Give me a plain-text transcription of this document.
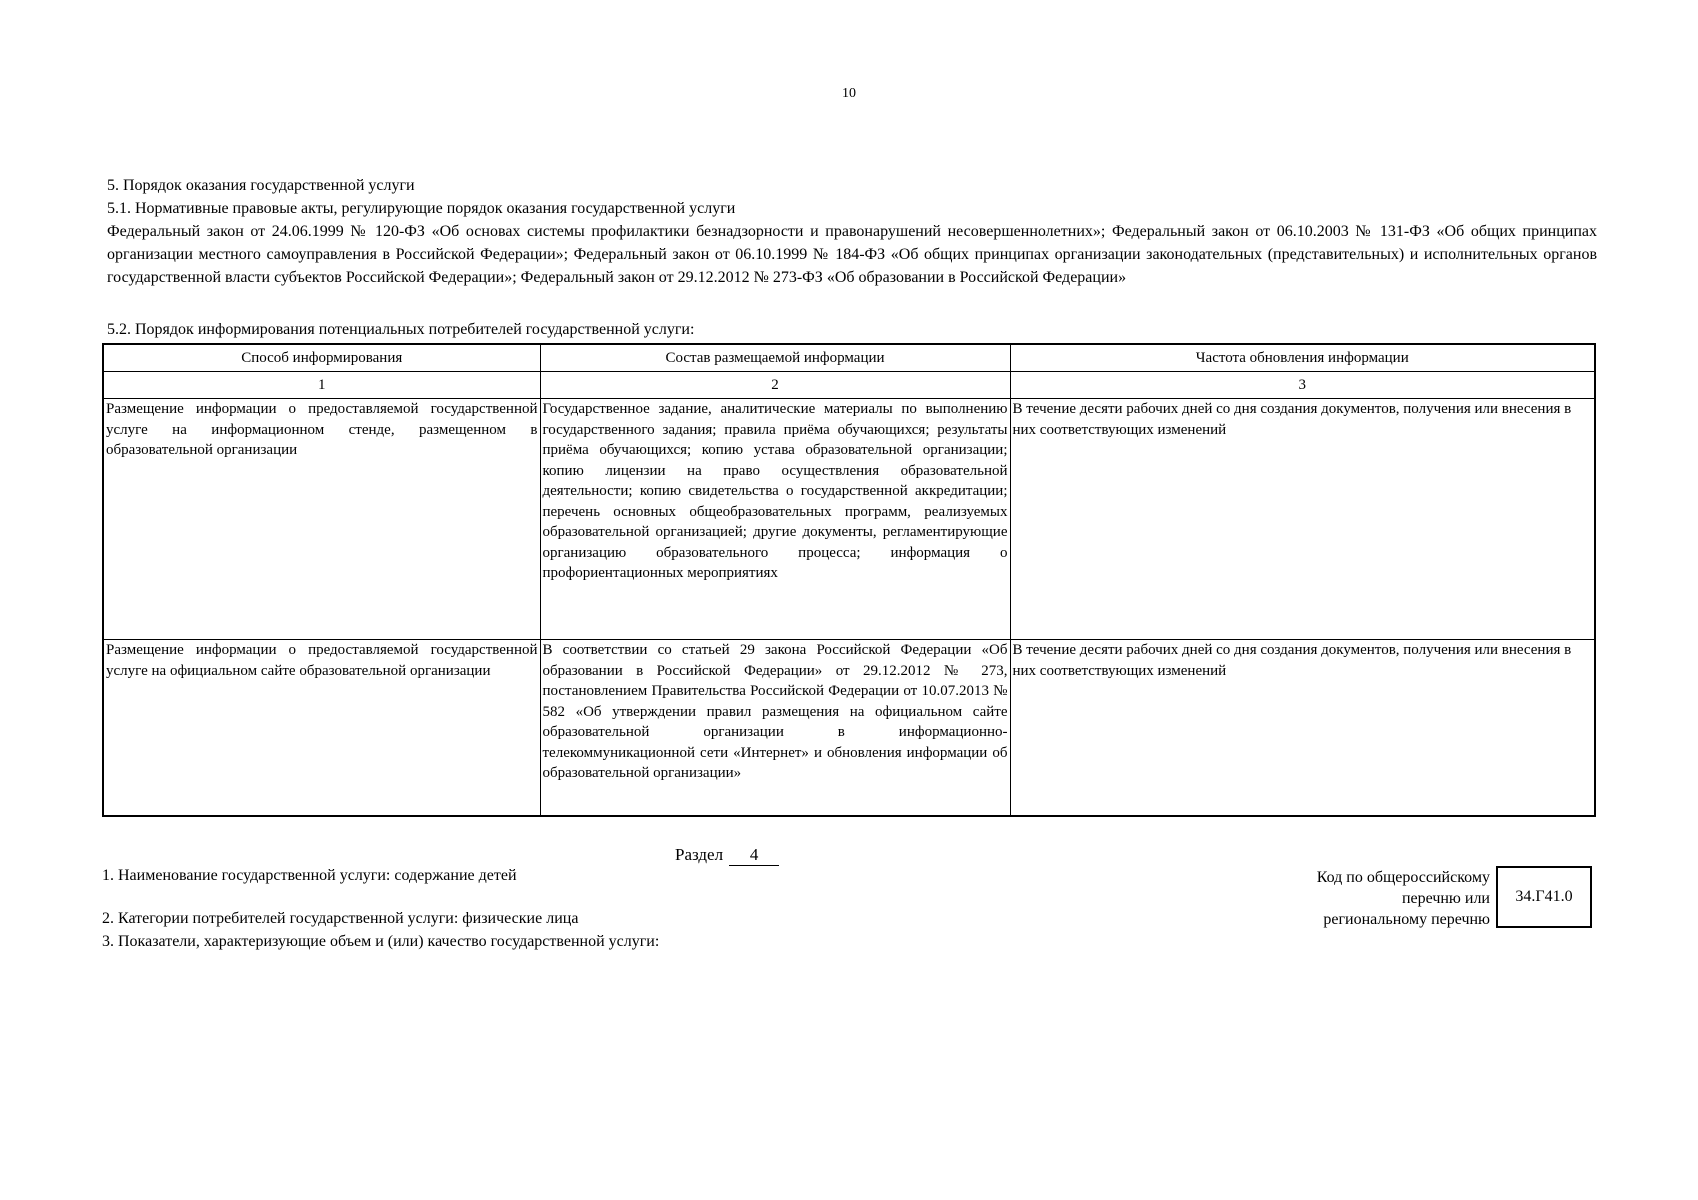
10
5. Порядок оказания государственной услуги
5.1. Нормативные правовые акты, регулирующие порядок оказания государственной услуги
Федеральный закон от 24.06.1999 № 120-ФЗ «Об основах системы профилактики безнадзорности и правонарушений несовершеннолетних»; Федеральный закон от 06.10.2003 № 131-ФЗ «Об общих принципах организации местного самоуправления в Российской Федерации»; Федеральный закон от 06.10.1999 № 184-ФЗ «Об общих принципах организации законодательных (представительных) и исполнительных органов государственной власти субъектов Российской Федерации»; Федеральный закон от 29.12.2012 № 273-ФЗ «Об образовании в Российской Федерации»
5.2. Порядок информирования потенциальных потребителей государственной услуги:
Способ информирования	Состав размещаемой информации	Частота обновления информации
1	2	3
Размещение информации о предоставляемой государственной услуге на информационном стенде, размещенном в образовательной организации	Государственное задание, аналитические материалы по выполнению государственного задания; правила приёма обучающихся; результаты приёма обучающихся; копию устава образовательной организации; копию лицензии на право осуществления образовательной деятельности; копию свидетельства о государственной аккредитации; перечень основных общеобразовательных программ, реализуемых образовательной организацией; другие документы, регламентирующие организацию образовательного процесса; информация о профориентационных мероприятиях	В течение десяти рабочих дней со дня создания документов, получения или внесения в них соответствующих изменений
Размещение информации о предоставляемой государственной услуге на официальном сайте образовательной организации	В соответствии со статьей 29 закона Российской Федерации «Об образовании в Российской Федерации» от 29.12.2012 № 273, постановлением Правительства Российской Федерации от 10.07.2013 № 582 «Об утверждении правил размещения на официальном сайте образовательной организации в информационно-телекоммуникационной сети «Интернет» и обновления информации об образовательной организации»	В течение десяти рабочих дней со дня создания документов, получения или внесения в них соответствующих изменений
Раздел 4
1. Наименование государственной услуги: содержание детей
2. Категории потребителей государственной услуги: физические лица
3. Показатели, характеризующие объем и (или) качество государственной услуги:
Код по общероссийскому
перечню или
региональному перечню
34.Г41.0
